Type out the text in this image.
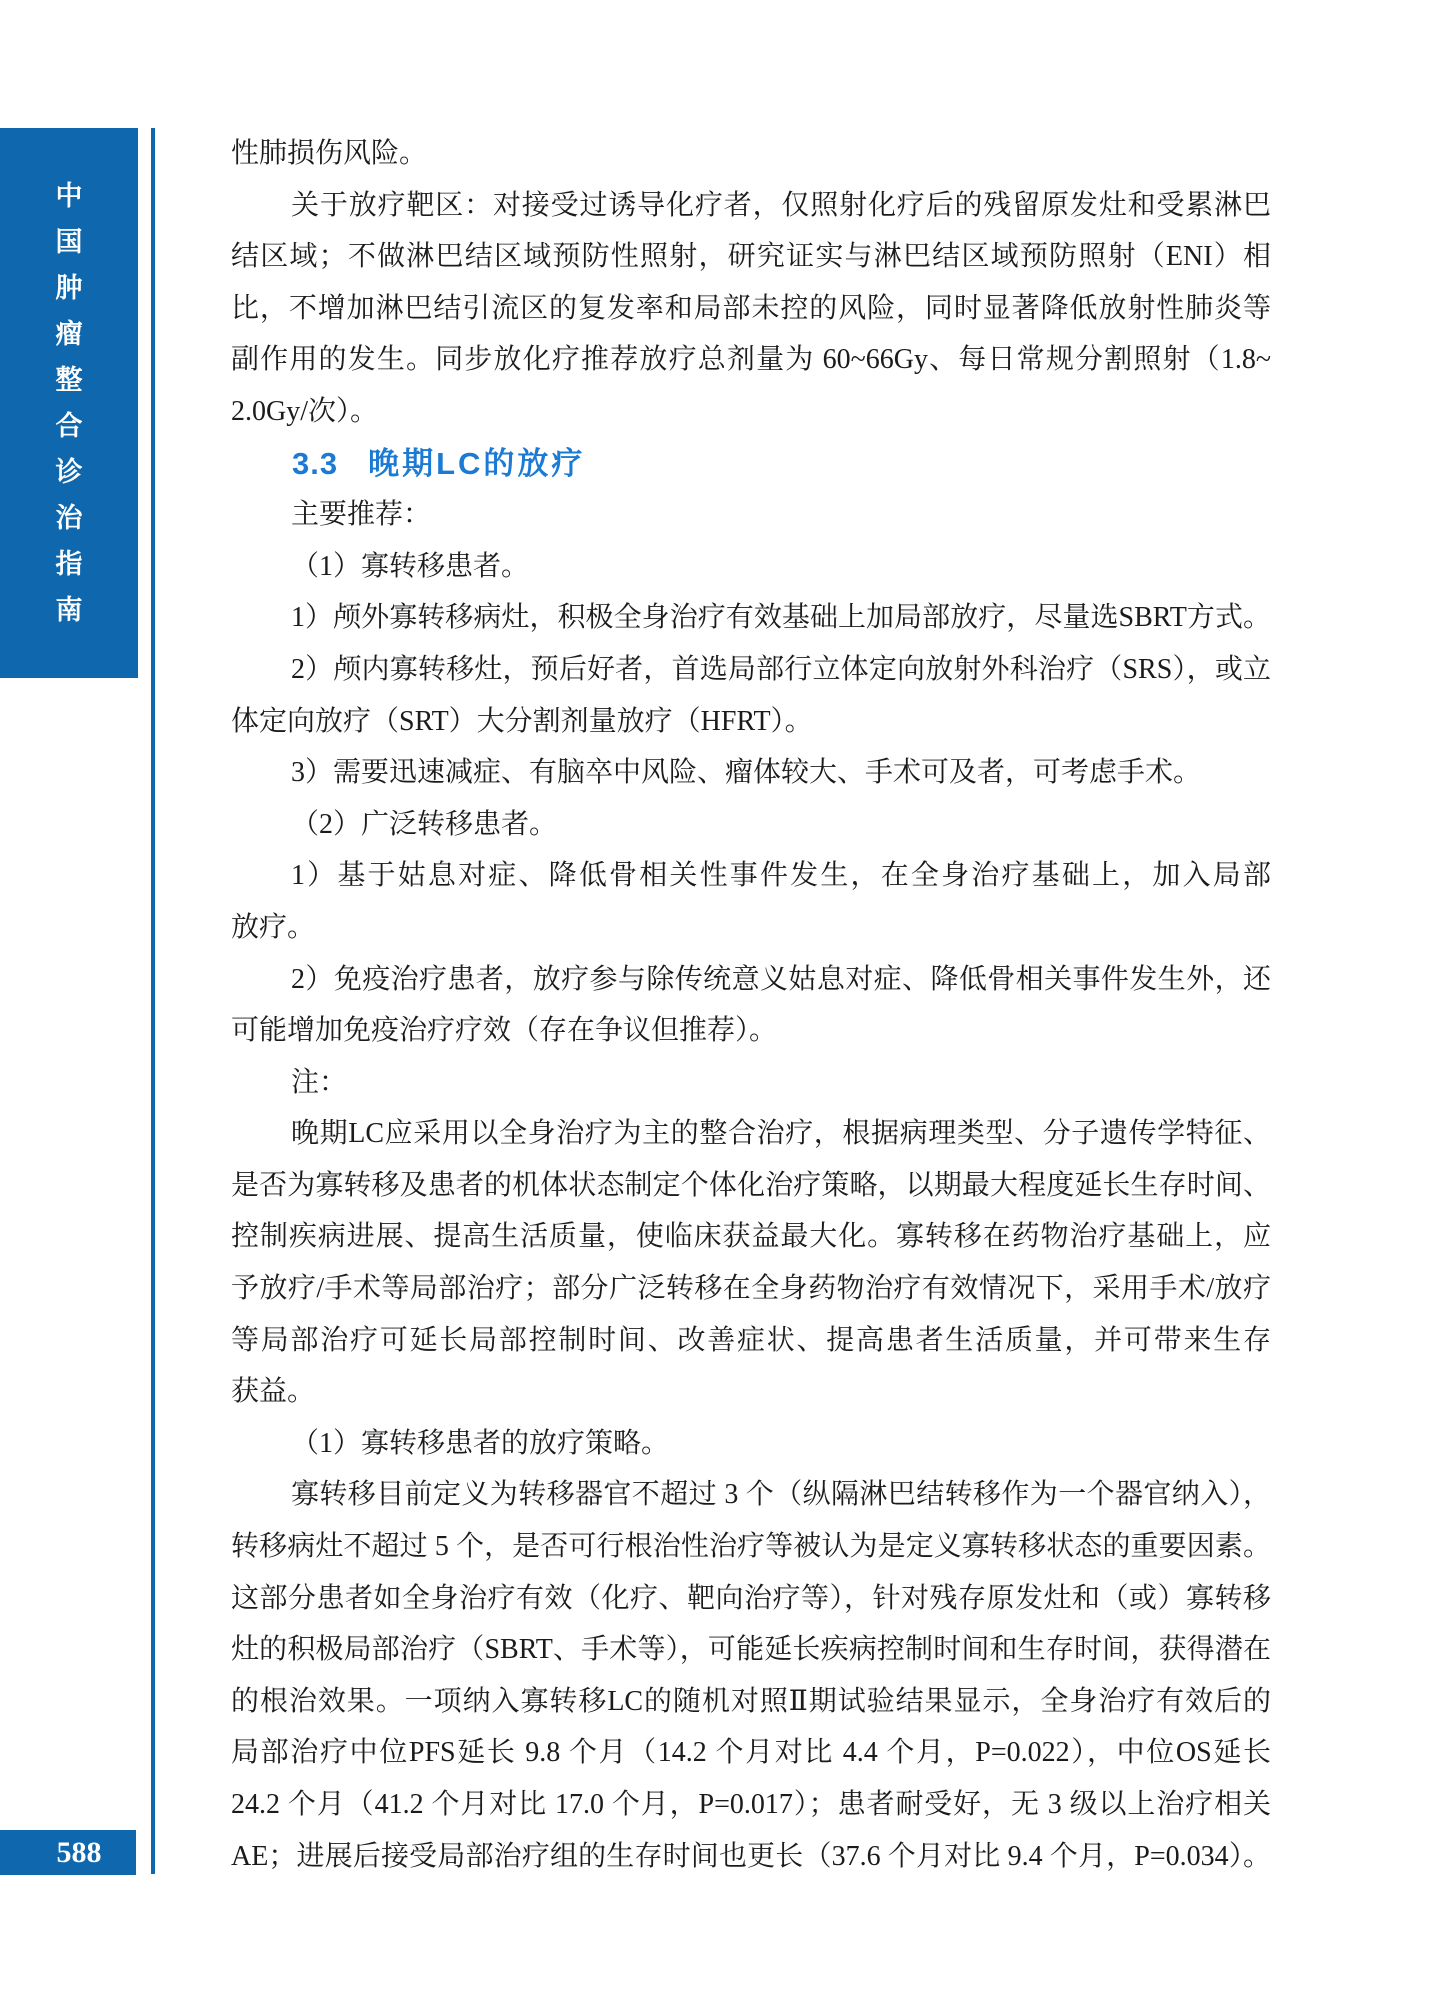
中
国
肿
瘤
整
合
诊
治
指
南
588
性肺损伤风险。
关于放疗靶区：对接受过诱导化疗者，仅照射化疗后的残留原发灶和受累淋巴
结区域；不做淋巴结区域预防性照射，研究证实与淋巴结区域预防照射（ENI）相
比，不增加淋巴结引流区的复发率和局部未控的风险，同时显著降低放射性肺炎等
副作用的发生。同步放化疗推荐放疗总剂量为 60~66Gy、每日常规分割照射（1.8~
2.0Gy/次）。
3.3 晚期LC的放疗
主要推荐：
（1）寡转移患者。
1）颅外寡转移病灶，积极全身治疗有效基础上加局部放疗，尽量选SBRT方式。
2）颅内寡转移灶，预后好者，首选局部行立体定向放射外科治疗（SRS），或立
体定向放疗（SRT）大分割剂量放疗（HFRT）。
3）需要迅速减症、有脑卒中风险、瘤体较大、手术可及者，可考虑手术。
（2）广泛转移患者。
1）基于姑息对症、降低骨相关性事件发生，在全身治疗基础上，加入局部
放疗。
2）免疫治疗患者，放疗参与除传统意义姑息对症、降低骨相关事件发生外，还
可能增加免疫治疗疗效（存在争议但推荐）。
注：
晚期LC应采用以全身治疗为主的整合治疗，根据病理类型、分子遗传学特征、
是否为寡转移及患者的机体状态制定个体化治疗策略，以期最大程度延长生存时间、
控制疾病进展、提高生活质量，使临床获益最大化。寡转移在药物治疗基础上，应
予放疗/手术等局部治疗；部分广泛转移在全身药物治疗有效情况下，采用手术/放疗
等局部治疗可延长局部控制时间、改善症状、提高患者生活质量，并可带来生存
获益。
（1）寡转移患者的放疗策略。
寡转移目前定义为转移器官不超过 3 个（纵隔淋巴结转移作为一个器官纳入），
转移病灶不超过 5 个，是否可行根治性治疗等被认为是定义寡转移状态的重要因素。
这部分患者如全身治疗有效（化疗、靶向治疗等），针对残存原发灶和（或）寡转移
灶的积极局部治疗（SBRT、手术等），可能延长疾病控制时间和生存时间，获得潜在
的根治效果。一项纳入寡转移LC的随机对照Ⅱ期试验结果显示，全身治疗有效后的
局部治疗中位PFS延长 9.8 个月（14.2 个月对比 4.4 个月，P=0.022），中位OS延长
24.2 个月（41.2 个月对比 17.0 个月，P=0.017）；患者耐受好，无 3 级以上治疗相关
AE；进展后接受局部治疗组的生存时间也更长（37.6 个月对比 9.4 个月，P=0.034）。
